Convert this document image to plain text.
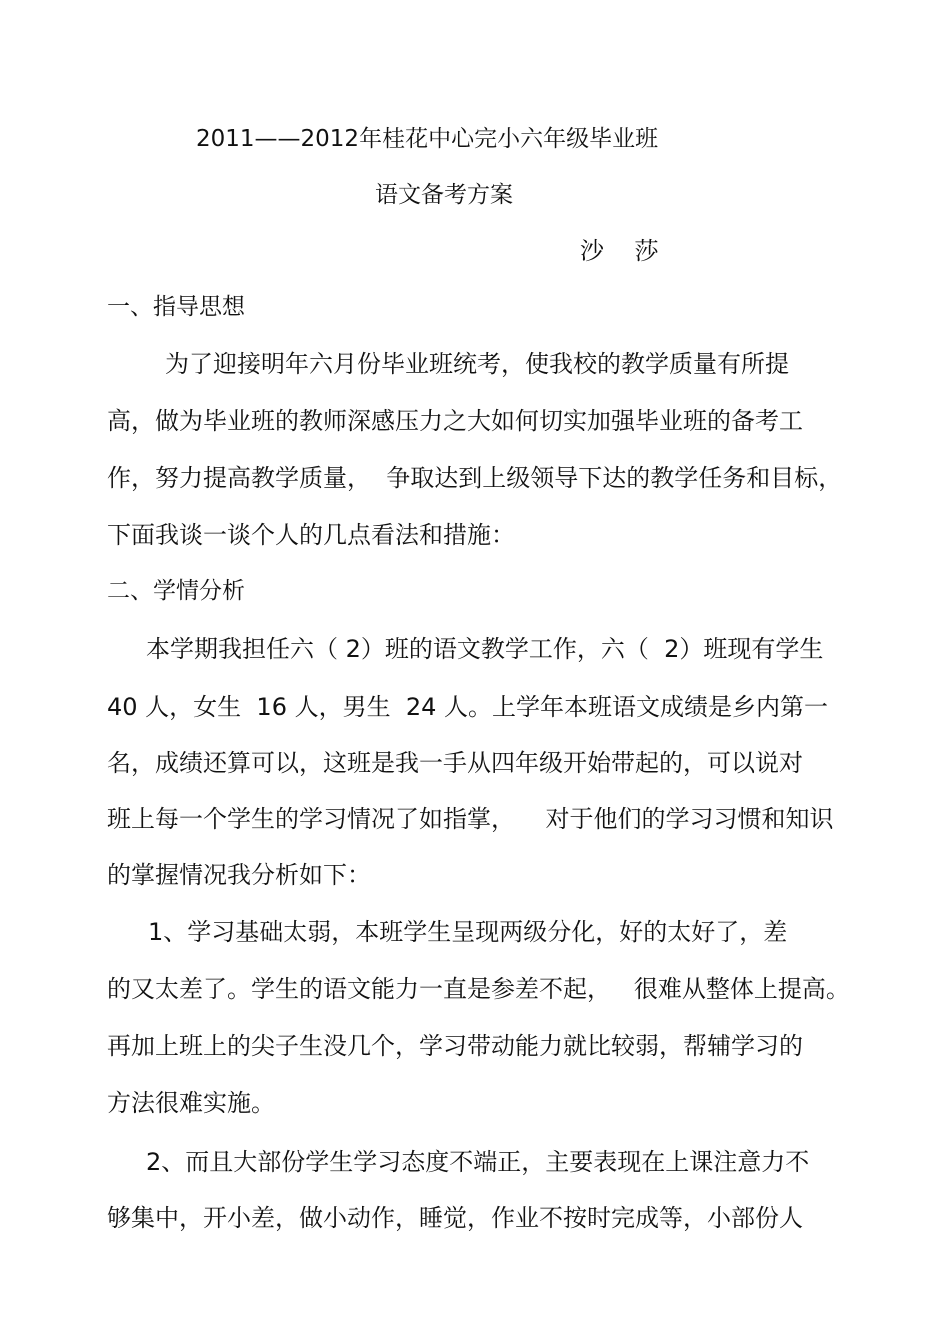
2011——2012年桂花中心完小六年级毕业班

语文备考方案

沙    莎

一、指导思想

为了迎接明年六月份毕业班统考，使我校的教学质量有所提

高，做为毕业班的教师深感压力之大如何切实加强毕业班的备考工

作，努力提高教学质量，  争取达到上级领导下达的教学任务和目标，

下面我谈一谈个人的几点看法和措施：

二、学情分析

本学期我担任六（ 2）班的语文教学工作，六（  2）班现有学生

40 人，女生  16 人，男生  24 人。上学年本班语文成绩是乡内第一

名，成绩还算可以，这班是我一手从四年级开始带起的，可以说对

班上每一个学生的学习情况了如指掌，    对于他们的学习习惯和知识

的掌握情况我分析如下：

1、学习基础太弱，本班学生呈现两级分化，好的太好了，差

的又太差了。学生的语文能力一直是参差不起，   很难从整体上提高。

再加上班上的尖子生没几个，学习带动能力就比较弱，帮辅学习的

方法很难实施。

2、而且大部份学生学习态度不端正，主要表现在上课注意力不

够集中，开小差，做小动作，睡觉，作业不按时完成等，小部份人
